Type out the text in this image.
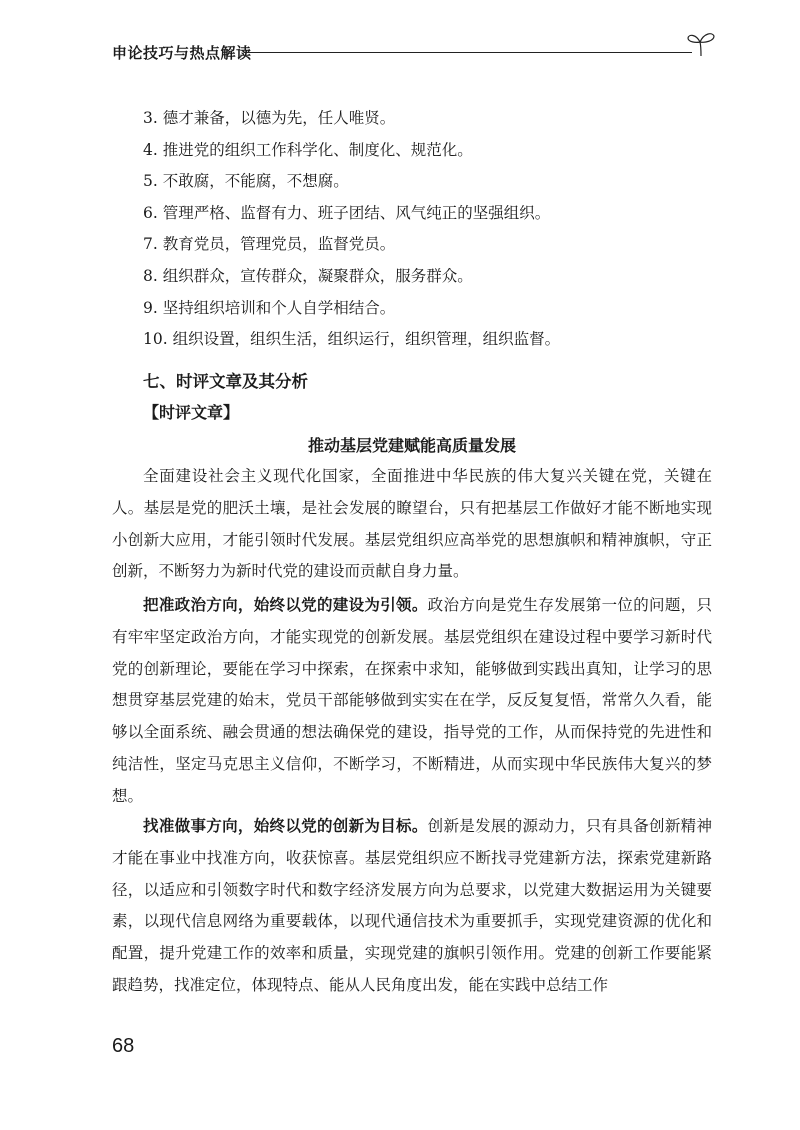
申论技巧与热点解读
3. 德才兼备，以德为先，任人唯贤。
4. 推进党的组织工作科学化、制度化、规范化。
5. 不敢腐，不能腐，不想腐。
6. 管理严格、监督有力、班子团结、风气纯正的坚强组织。
7. 教育党员，管理党员，监督党员。
8. 组织群众，宣传群众，凝聚群众，服务群众。
9. 坚持组织培训和个人自学相结合。
10. 组织设置，组织生活，组织运行，组织管理，组织监督。
七、时评文章及其分析
【时评文章】
推动基层党建赋能高质量发展

全面建设社会主义现代化国家，全面推进中华民族的伟大复兴关键在党，关键在人。基层是党的肥沃土壤，是社会发展的瞭望台，只有把基层工作做好才能不断地实现小创新大应用，才能引领时代发展。基层党组织应高举党的思想旗帜和精神旗帜，守正创新，不断努力为新时代党的建设而贡献自身力量。

把准政治方向，始终以党的建设为引领。政治方向是党生存发展第一位的问题，只有牢牢坚定政治方向，才能实现党的创新发展。基层党组织在建设过程中要学习新时代党的创新理论，要能在学习中探索，在探索中求知，能够做到实践出真知，让学习的思想贯穿基层党建的始末，党员干部能够做到实实在在学，反反复复悟，常常久久看，能够以全面系统、融会贯通的想法确保党的建设，指导党的工作，从而保持党的先进性和纯洁性，坚定马克思主义信仰，不断学习，不断精进，从而实现中华民族伟大复兴的梦想。

找准做事方向，始终以党的创新为目标。创新是发展的源动力，只有具备创新精神才能在事业中找准方向，收获惊喜。基层党组织应不断找寻党建新方法，探索党建新路径，以适应和引领数字时代和数字经济发展方向为总要求，以党建大数据运用为关键要素，以现代信息网络为重要载体，以现代通信技术为重要抓手，实现党建资源的优化和配置，提升党建工作的效率和质量，实现党建的旗帜引领作用。党建的创新工作要能紧跟趋势，找准定位，体现特点、能从人民角度出发，能在实践中总结工作

68
